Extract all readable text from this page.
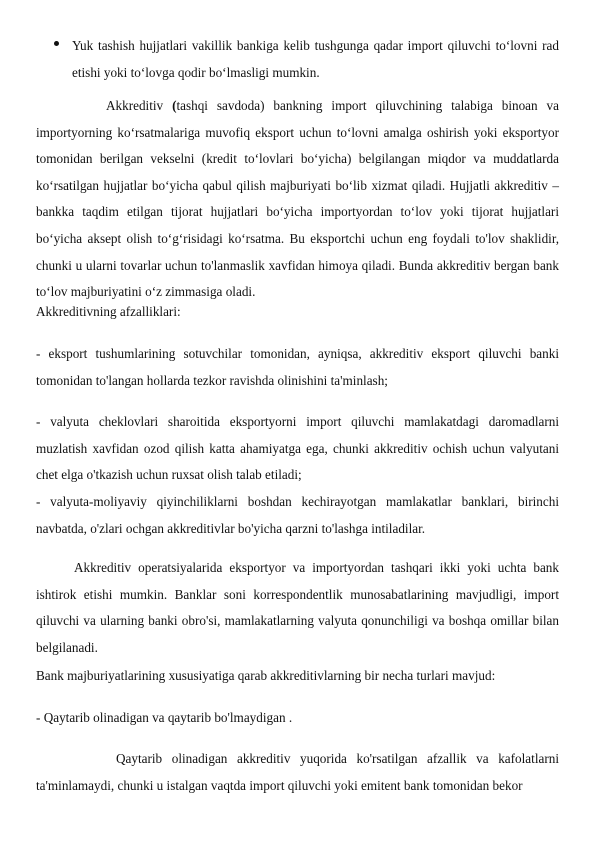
Yuk tashish hujjatlari vakillik bankiga kelib tushgunga qadar import qiluvchi to‘lovni rad etishi yoki to‘lovga qodir bo‘lmasligi mumkin.
Akkreditiv (tashqi savdoda) bankning import qiluvchining talabiga binoan va importyorning ko‘rsatmalariga muvofiq eksport uchun to‘lovni amalga oshirish yoki eksportyor tomonidan berilgan vekselni (kredit to‘lovlari bo‘yicha) belgilangan miqdor va muddatlarda ko‘rsatilgan hujjatlar bo‘yicha qabul qilish majburiyati bo‘lib xizmat qiladi. Hujjatli akkreditiv – bankka taqdim etilgan tijorat hujjatlari bo‘yicha importyordan to‘lov yoki tijorat hujjatlari bo‘yicha aksept olish to‘g‘risidagi ko‘rsatma. Bu eksportchi uchun eng foydali to'lov shaklidir, chunki u ularni tovarlar uchun to'lanmaslik xavfidan himoya qiladi. Bunda akkreditiv bergan bank to‘lov majburiyatini o‘z zimmasiga oladi.
Akkreditivning afzalliklari:
- eksport tushumlarining sotuvchilar tomonidan, ayniqsa, akkreditiv eksport qiluvchi banki tomonidan to'langan hollarda tezkor ravishda olinishini ta'minlash;
- valyuta cheklovlari sharoitida eksportyorni import qiluvchi mamlakatdagi daromadlarni muzlatish xavfidan ozod qilish katta ahamiyatga ega, chunki akkreditiv ochish uchun valyutani chet elga o'tkazish uchun ruxsat olish talab etiladi;
- valyuta-moliyaviy qiyinchiliklarni boshdan kechirayotgan mamlakatlar banklari, birinchi navbatda, o'zlari ochgan akkreditivlar bo'yicha qarzni to'lashga intiladilar.
Akkreditiv operatsiyalarida eksportyor va importyordan tashqari ikki yoki uchta bank ishtirok etishi mumkin. Banklar soni korrespondentlik munosabatlarining mavjudligi, import qiluvchi va ularning banki obro'si, mamlakatlarning valyuta qonunchiligi va boshqa omillar bilan belgilanadi.
Bank majburiyatlarining xususiyatiga qarab akkreditivlarning bir necha turlari mavjud:
- Qaytarib olinadigan va qaytarib bo'lmaydigan .
Qaytarib olinadigan akkreditiv yuqorida ko'rsatilgan afzallik va kafolatlarni ta'minlamaydi, chunki u istalgan vaqtda import qiluvchi yoki emitent bank tomonidan bekor
